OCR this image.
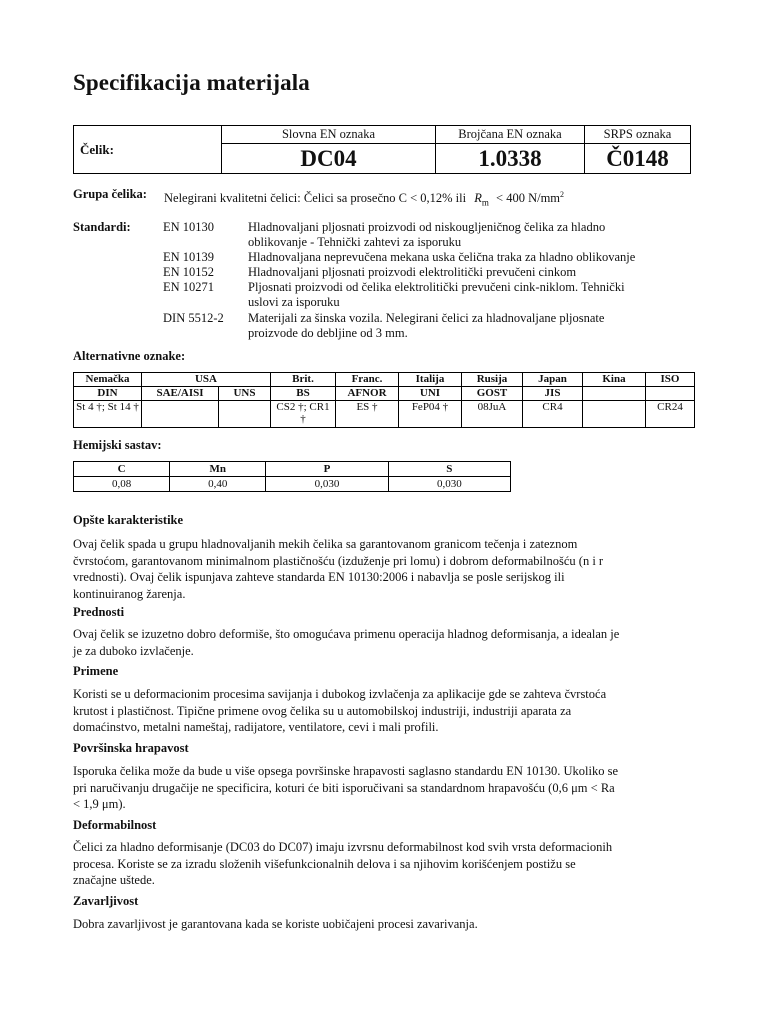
Specifikacija materijala
Čelik:	Slovna EN oznaka	Brojčana EN oznaka	SRPS oznaka
	DC04	1.0338	Č0148
Grupa čelika: Nelegirani kvalitetni čelici: Čelici sa prosečno C < 0,12% ili $R_m < 400$ $N/mm^2$
Standardi:	EN 10130	Hladnovaljani pljosnati proizvodi od niskougljeničnog čelika za hladno
oblikovanje - Tehnički zahtevi za isporuku
EN 10139	Hladnovaljana neprevučena mekana uska čelična traka za hladno oblikovanje
EN 10152	Hladnovaljani pljosnati proizvodi elektrolitički prevučeni cinkom
EN 10271	Pljosnati proizvodi od čelika elektrolitički prevučeni cink-niklom. Tehnički
uslovi za isporuku
DIN 5512-2 Materijali za šinska vozila. Nelegirani čelici za hladnovaljane pljosnate
proizvode do debljine od 3 mm.
Alternativne oznake:
Nemačka	USA		Brit.	Franc.	Italija	Rusija	Japan	Kina	ISO
DIN	SAE/AISI	UNS	BS	AFNOR	UNI	GOST	JIS		
St 4 †; St 14 †			CS2 †; CR1 †	ES †	FeP04 †	08JuA	CR4		CR24
Hemijski sastav:
C	Mn	P	S
0,08	0,40	0,030	0,030
Opšte karakteristike
Ovaj čelik spada u grupu hladnovaljanih mekih čelika sa garantovanom granicom tečenja i zateznom
čvrstoćom, garantovanom minimalnom plastičnošću (izduženje pri lomu) i dobrom deformabilnošću (n i r
vrednosti). Ovaj čelik ispunjava zahteve standarda EN 10130:2006 i nabavlja se posle serijskog ili
kontinuiranog žarenja.
Prednosti
Ovaj čelik se izuzetno dobro deformiše, što omogućava primenu operacija hladnog deformisanja, a idealan je
je za duboko izvlačenje.
Primene
Koristi se u deformacionim procesima savijanja i dubokog izvlačenja za aplikacije gde se zahteva čvrstoća
krutost i plastičnost. Tipične primene ovog čelika su u automobilskoj industriji, industriji aparata za
domaćinstvo, metalni nameštaj, radijatore, ventilatore, cevi i mali profili.
Površinska hrapavost
Isporuka čelika može da bude u više opsega površinske hrapavosti saglasno standardu EN 10130. Ukoliko se
pri naručivanju drugačije ne specificira, koturi će biti isporučivani sa standardnom hrapavošću (0,6 μm < Ra
< 1,9 μm).
Deformabilnost
Čelici za hladno deformisanje (DC03 do DC07) imaju izvrsnu deformabilnost kod svih vrsta deformacionih
procesa. Koriste se za izradu složenih višefunkcionalnih delova i sa njihovim korišćenjem postižu se
značajne uštede.
Zavarljivost
Dobra zavarljivost je garantovana kada se koriste uobičajeni procesi zavarivanja.
